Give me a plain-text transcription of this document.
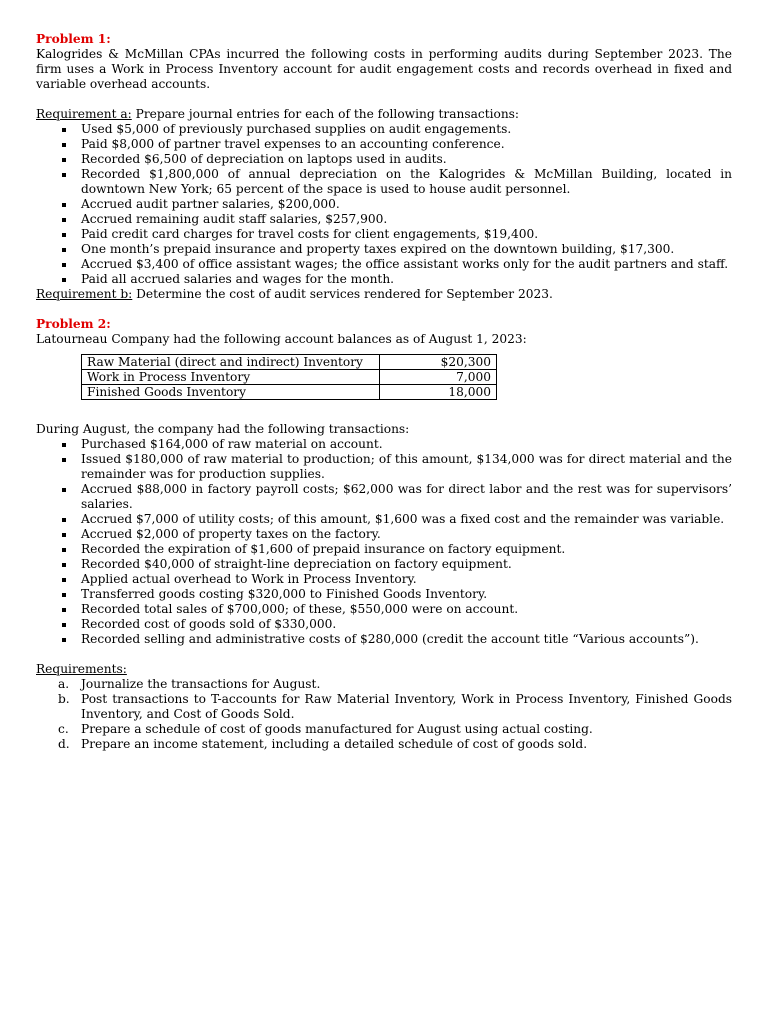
Problem 1:

Kalogrides & McMillan CPAs incurred the following costs in performing audits during September 2023. The firm uses a Work in Process Inventory account for audit engagement costs and records overhead in fixed and variable overhead accounts.

Requirement a: Prepare journal entries for each of the following transactions:

Used $5,000 of previously purchased supplies on audit engagements.
Paid $8,000 of partner travel expenses to an accounting conference.
Recorded $6,500 of depreciation on laptops used in audits.
Recorded $1,800,000 of annual depreciation on the Kalogrides & McMillan Building, located in downtown New York; 65 percent of the space is used to house audit personnel.
Accrued audit partner salaries, $200,000.
Accrued remaining audit staff salaries, $257,900.
Paid credit card charges for travel costs for client engagements, $19,400.
One month’s prepaid insurance and property taxes expired on the downtown building, $17,300.
Accrued $3,400 of office assistant wages; the office assistant works only for the audit partners and staff.
Paid all accrued salaries and wages for the month.

Requirement b: Determine the cost of audit services rendered for September 2023.

Problem 2:

Latourneau Company had the following account balances as of August 1, 2023:

Raw Material (direct and indirect) Inventory	$20,300
Work in Process Inventory	7,000
Finished Goods Inventory	18,000

During August, the company had the following transactions:

Purchased $164,000 of raw material on account.
Issued $180,000 of raw material to production; of this amount, $134,000 was for direct material and the remainder was for production supplies.
Accrued $88,000 in factory payroll costs; $62,000 was for direct labor and the rest was for supervisors’ salaries.
Accrued $7,000 of utility costs; of this amount, $1,600 was a fixed cost and the remainder was variable.
Accrued $2,000 of property taxes on the factory.
Recorded the expiration of $1,600 of prepaid insurance on factory equipment.
Recorded $40,000 of straight-line depreciation on factory equipment.
Applied actual overhead to Work in Process Inventory.
Transferred goods costing $320,000 to Finished Goods Inventory.
Recorded total sales of $700,000; of these, $550,000 were on account.
Recorded cost of goods sold of $330,000.
Recorded selling and administrative costs of $280,000 (credit the account title “Various accounts”).

Requirements:

a. Journalize the transactions for August.
b. Post transactions to T-accounts for Raw Material Inventory, Work in Process Inventory, Finished Goods Inventory, and Cost of Goods Sold.
c. Prepare a schedule of cost of goods manufactured for August using actual costing.
d. Prepare an income statement, including a detailed schedule of cost of goods sold.
